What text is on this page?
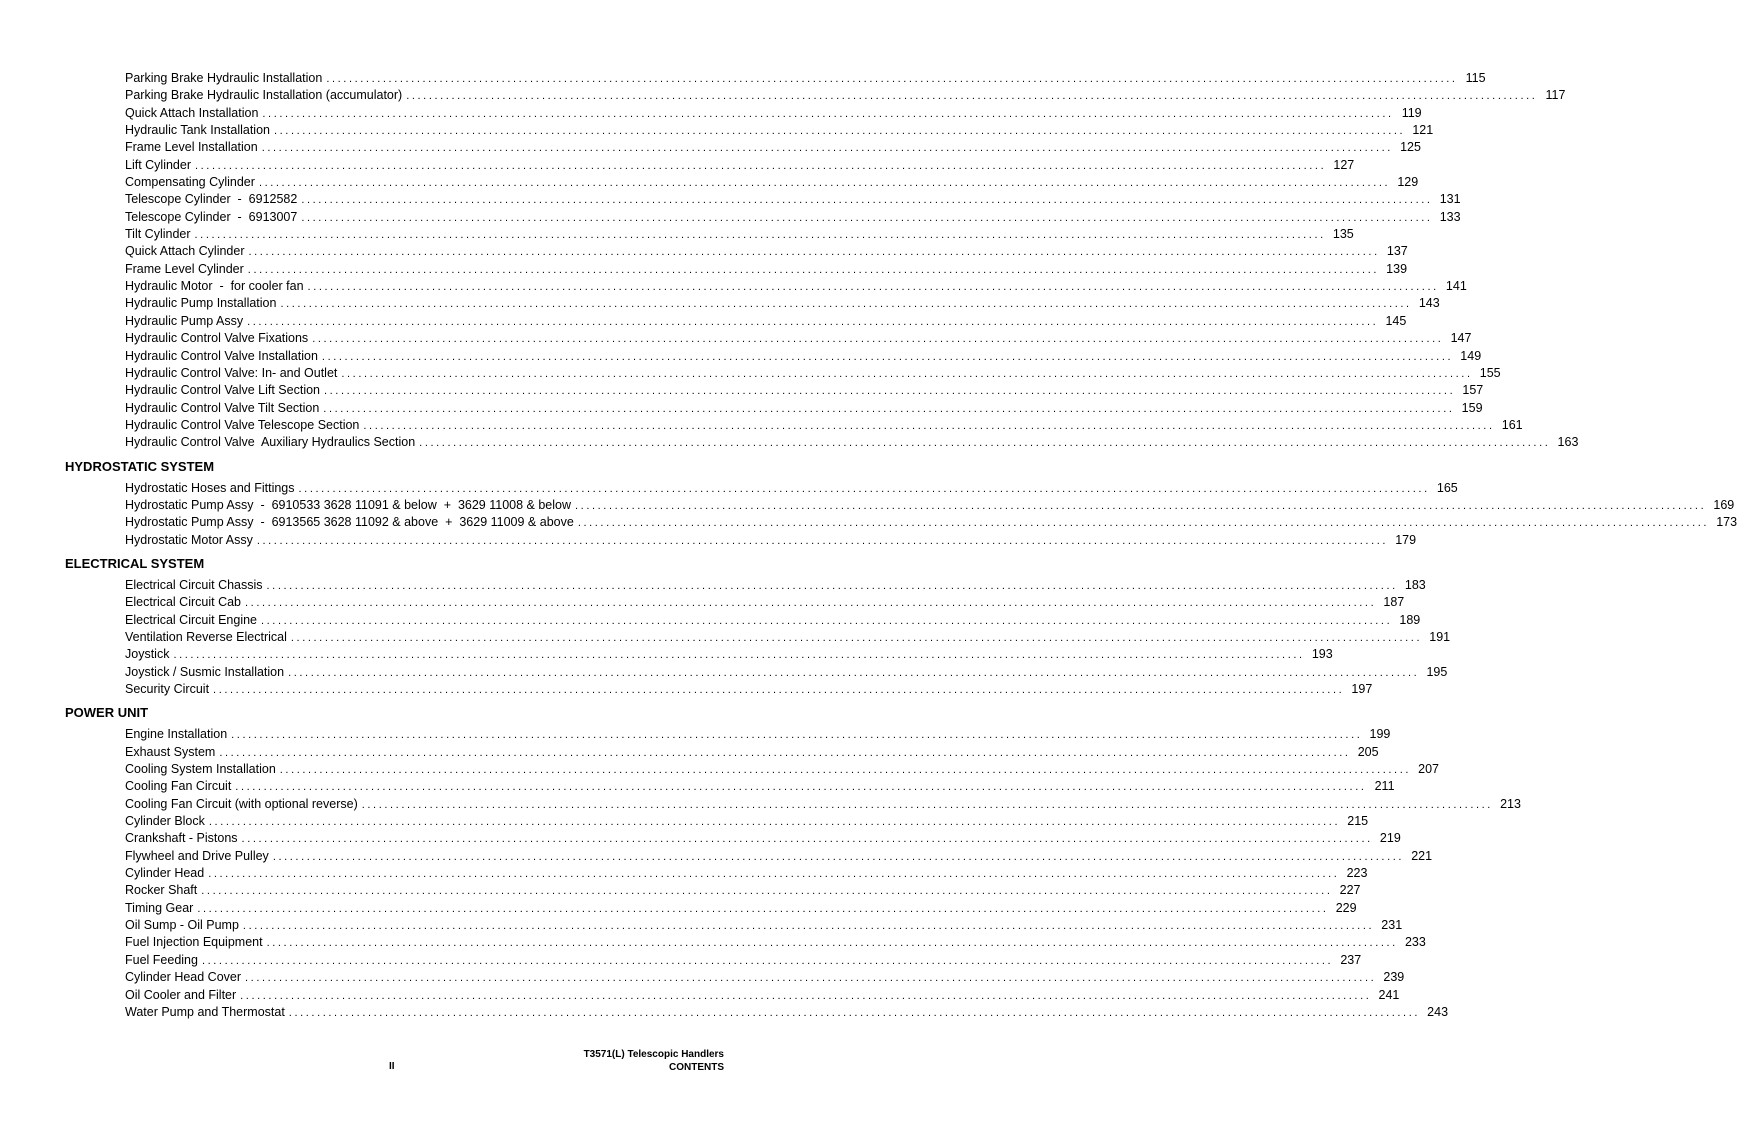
Parking Brake Hydraulic Installation ........................................................................................................................................................................................................ 115
Parking Brake Hydraulic Installation (accumulator) ........................................................................................................................................................................................................ 117
Quick Attach Installation ........................................................................................................................................................................................................ 119
Hydraulic Tank Installation ........................................................................................................................................................................................................ 121
Frame Level Installation ........................................................................................................................................................................................................ 125
Lift Cylinder ........................................................................................................................................................................................................ 127
Compensating Cylinder ........................................................................................................................................................................................................ 129
Telescope Cylinder  -  6912582 ........................................................................................................................................................................................................ 131
Telescope Cylinder  -  6913007 ........................................................................................................................................................................................................ 133
Tilt Cylinder ........................................................................................................................................................................................................ 135
Quick Attach Cylinder ........................................................................................................................................................................................................ 137
Frame Level Cylinder ........................................................................................................................................................................................................ 139
Hydraulic Motor  -  for cooler fan ........................................................................................................................................................................................................ 141
Hydraulic Pump Installation ........................................................................................................................................................................................................ 143
Hydraulic Pump Assy ........................................................................................................................................................................................................ 145
Hydraulic Control Valve Fixations ........................................................................................................................................................................................................ 147
Hydraulic Control Valve Installation ........................................................................................................................................................................................................ 149
Hydraulic Control Valve: In- and Outlet ........................................................................................................................................................................................................ 155
Hydraulic Control Valve Lift Section ........................................................................................................................................................................................................ 157
Hydraulic Control Valve Tilt Section ........................................................................................................................................................................................................ 159
Hydraulic Control Valve Telescope Section ........................................................................................................................................................................................................ 161
Hydraulic Control Valve  Auxiliary Hydraulics Section ........................................................................................................................................................................................................ 163
HYDROSTATIC SYSTEM
Hydrostatic Hoses and Fittings ........................................................................................................................................................................................................ 165
Hydrostatic Pump Assy  -  6910533 3628 11091 & below  +  3629 11008 & below ........................................................................................................................................................................................................ 169
Hydrostatic Pump Assy  -  6913565 3628 11092 & above  +  3629 11009 & above ........................................................................................................................................................................................................ 173
Hydrostatic Motor Assy ........................................................................................................................................................................................................ 179
ELECTRICAL SYSTEM
Electrical Circuit Chassis ........................................................................................................................................................................................................ 183
Electrical Circuit Cab ........................................................................................................................................................................................................ 187
Electrical Circuit Engine ........................................................................................................................................................................................................ 189
Ventilation Reverse Electrical ........................................................................................................................................................................................................ 191
Joystick ........................................................................................................................................................................................................ 193
Joystick / Susmic Installation ........................................................................................................................................................................................................ 195
Security Circuit ........................................................................................................................................................................................................ 197
POWER UNIT
Engine Installation ........................................................................................................................................................................................................ 199
Exhaust System ........................................................................................................................................................................................................ 205
Cooling System Installation ........................................................................................................................................................................................................ 207
Cooling Fan Circuit ........................................................................................................................................................................................................ 211
Cooling Fan Circuit (with optional reverse) ........................................................................................................................................................................................................ 213
Cylinder Block ........................................................................................................................................................................................................ 215
Crankshaft - Pistons ........................................................................................................................................................................................................ 219
Flywheel and Drive Pulley ........................................................................................................................................................................................................ 221
Cylinder Head ........................................................................................................................................................................................................ 223
Rocker Shaft ........................................................................................................................................................................................................ 227
Timing Gear ........................................................................................................................................................................................................ 229
Oil Sump - Oil Pump ........................................................................................................................................................................................................ 231
Fuel Injection Equipment ........................................................................................................................................................................................................ 233
Fuel Feeding ........................................................................................................................................................................................................ 237
Cylinder Head Cover ........................................................................................................................................................................................................ 239
Oil Cooler and Filter ........................................................................................................................................................................................................ 241
Water Pump and Thermostat ........................................................................................................................................................................................................ 243
II
T3571(L) Telescopic Handlers
CONTENTS
